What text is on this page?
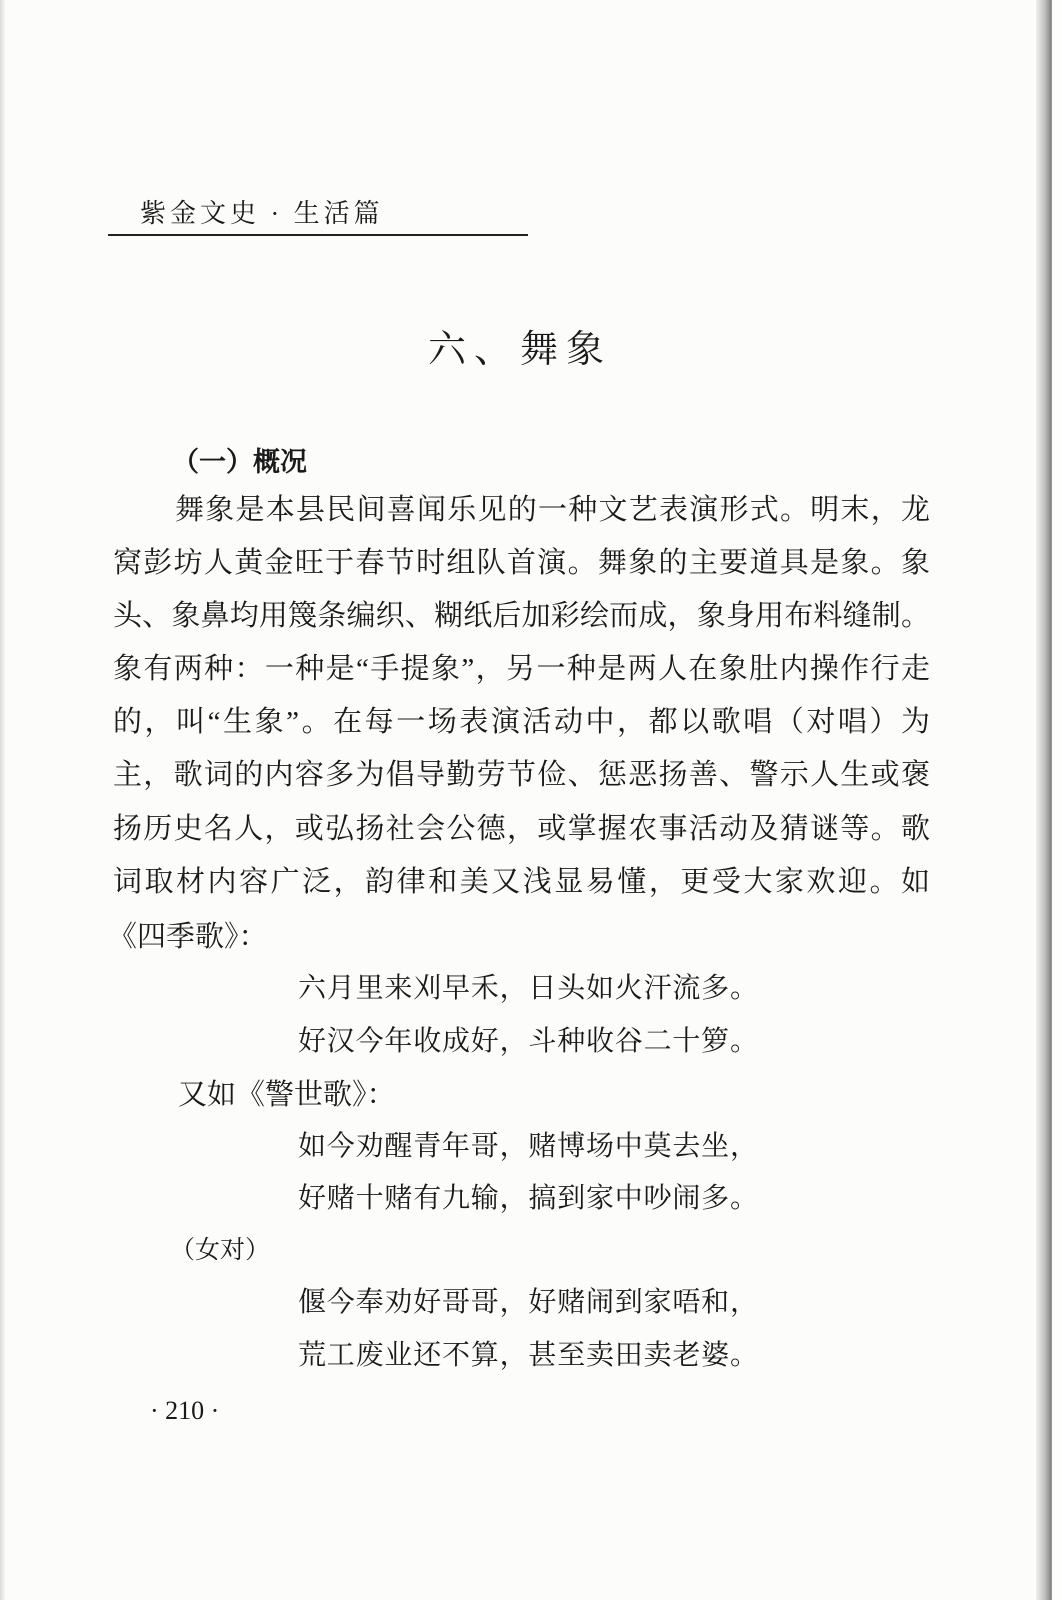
紫金文史 · 生活篇
六、舞象
（一）概况
舞象是本县民间喜闻乐见的一种文艺表演形式。明末，龙
窝彭坊人黄金旺于春节时组队首演。舞象的主要道具是象。象
头、象鼻均用篾条编织、糊纸后加彩绘而成，象身用布料缝制。
象有两种：一种是“手提象”，另一种是两人在象肚内操作行走
的，叫“生象”。在每一场表演活动中，都以歌唱（对唱）为
主，歌词的内容多为倡导勤劳节俭、惩恶扬善、警示人生或褒
扬历史名人，或弘扬社会公德，或掌握农事活动及猜谜等。歌
词取材内容广泛，韵律和美又浅显易懂，更受大家欢迎。如
《四季歌》：
六月里来刈早禾，日头如火汗流多。
好汉今年收成好，斗种收谷二十箩。
又如《警世歌》：
如今劝醒青年哥，赌博场中莫去坐，
好赌十赌有九输，搞到家中吵闹多。
（女对）
偃今奉劝好哥哥，好赌闹到家唔和，
荒工废业还不算，甚至卖田卖老婆。
· 210 ·
